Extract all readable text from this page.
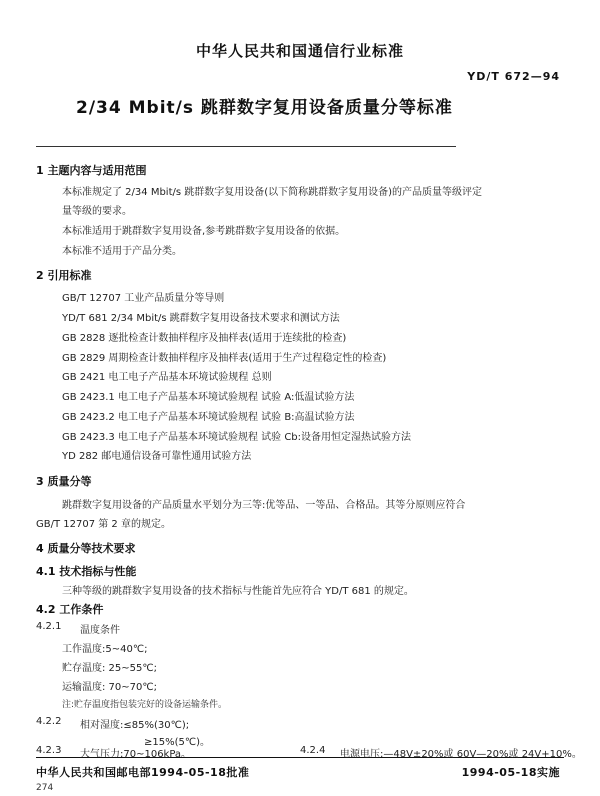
中华人民共和国通信行业标准
YD/T 672—94
2/34 Mbit/s 跳群数字复用设备质量分等标准
1 主题内容与适用范围
本标准规定了 2/34 Mbit/s 跳群数字复用设备(以下简称跳群数字复用设备)的产品质量等级评定
量等级的要求。
本标准适用于跳群数字复用设备,参考跳群数字复用设备的依据。
本标准不适用于产品分类。
2 引用标准
GB/T 12707 工业产品质量分等导则
YD/T 681 2/34 Mbit/s 跳群数字复用设备技术要求和测试方法
GB 2828 逐批检查计数抽样程序及抽样表(适用于连续批的检查)
GB 2829 周期检查计数抽样程序及抽样表(适用于生产过程稳定性的检查)
GB 2421 电工电子产品基本环境试验规程 总则
GB 2423.1 电工电子产品基本环境试验规程 试验 A:低温试验方法
GB 2423.2 电工电子产品基本环境试验规程 试验 B:高温试验方法
GB 2423.3 电工电子产品基本环境试验规程 试验 Cb:设备用恒定湿热试验方法
YD 282 邮电通信设备可靠性通用试验方法
3 质量分等
跳群数字复用设备的产品质量水平划分为三等:优等品、一等品、合格品。其等分原则应符合
GB/T 12707 第 2 章的规定。
4 质量分等技术要求
4.1 技术指标与性能
三种等级的跳群数字复用设备的技术指标与性能首先应符合 YD/T 681 的规定。
4.2 工作条件
4.2.1 温度条件
工作温度:5~40℃;
贮存温度: 25~55℃;
运输温度: 70~70℃;
注:贮存温度指包装完好的设备运输条件。
4.2.2 相对湿度:≤85%(30℃);
≥15%(5℃)。
4.2.3 大气压力:70~106kPa。	4.2.4 电源电压:—48V±20%或 60V—20%或 24V+10%。
中华人民共和国邮电部1994-05-18批准	1994-05-18实施
274
